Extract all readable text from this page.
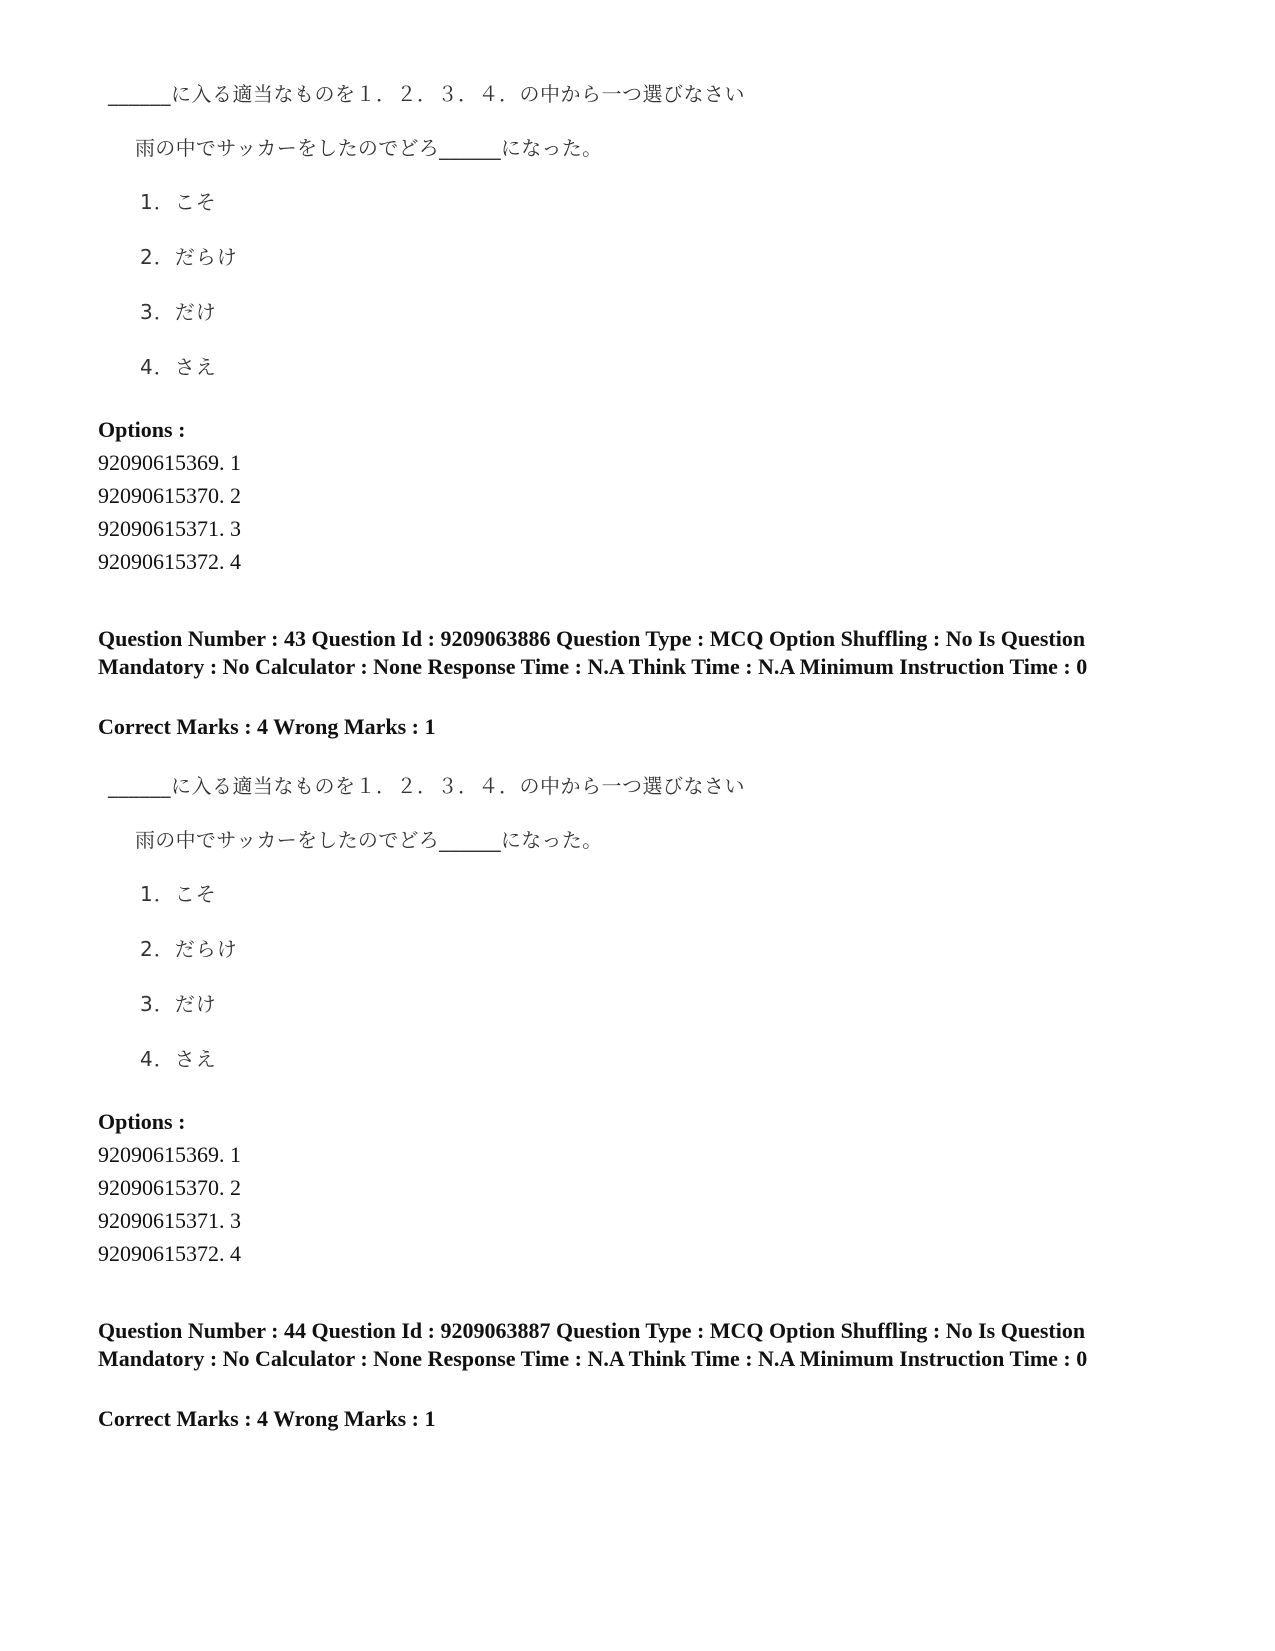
______に入る適当なものを１．２．３．４．の中から一つ選びなさい
雨の中でサッカーをしたのでどろ______になった。
1．こそ
2．だらけ
3．だけ
4．さえ
Options :
92090615369. 1
92090615370. 2
92090615371. 3
92090615372. 4
Question Number : 43 Question Id : 9209063886 Question Type : MCQ Option Shuffling : No Is Question Mandatory : No Calculator : None Response Time : N.A Think Time : N.A Minimum Instruction Time : 0
Correct Marks : 4 Wrong Marks : 1
______に入る適当なものを１．２．３．４．の中から一つ選びなさい
雨の中でサッカーをしたのでどろ______になった。
1．こそ
2．だらけ
3．だけ
4．さえ
Options :
92090615369. 1
92090615370. 2
92090615371. 3
92090615372. 4
Question Number : 44 Question Id : 9209063887 Question Type : MCQ Option Shuffling : No Is Question Mandatory : No Calculator : None Response Time : N.A Think Time : N.A Minimum Instruction Time : 0
Correct Marks : 4 Wrong Marks : 1
